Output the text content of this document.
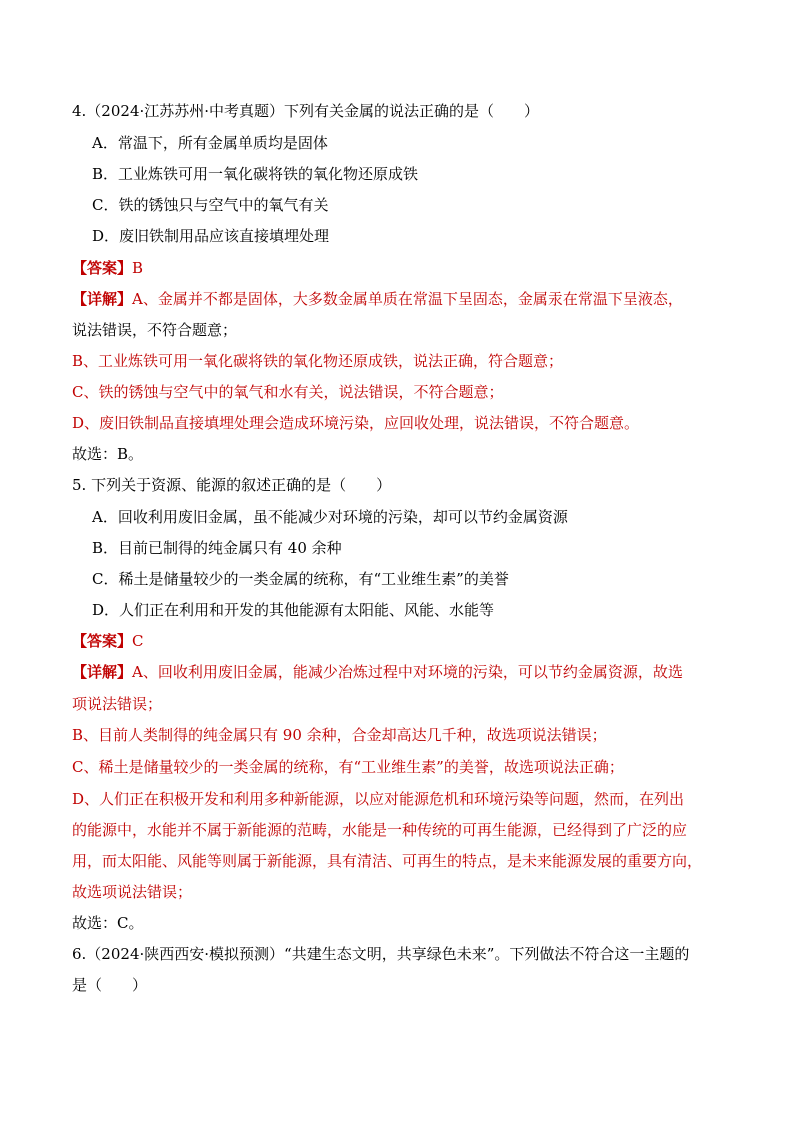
4.（2024·江苏苏州·中考真题）下列有关金属的说法正确的是（　　）
A．常温下，所有金属单质均是固体
B．工业炼铁可用一氧化碳将铁的氧化物还原成铁
C．铁的锈蚀只与空气中的氧气有关
D．废旧铁制用品应该直接填埋处理
【答案】B
【详解】A、金属并不都是固体，大多数金属单质在常温下呈固态，金属汞在常温下呈液态，
说法错误，不符合题意；
B、工业炼铁可用一氧化碳将铁的氧化物还原成铁，说法正确，符合题意；
C、铁的锈蚀与空气中的氧气和水有关，说法错误，不符合题意；
D、废旧铁制品直接填埋处理会造成环境污染，应回收处理，说法错误，不符合题意。
故选：B。
5. 下列关于资源、能源的叙述正确的是（　　）
A．回收利用废旧金属，虽不能减少对环境的污染，却可以节约金属资源
B．目前已制得的纯金属只有 40 余种
C．稀土是储量较少的一类金属的统称，有“工业维生素”的美誉
D．人们正在利用和开发的其他能源有太阳能、风能、水能等
【答案】C
【详解】A、回收利用废旧金属，能减少冶炼过程中对环境的污染，可以节约金属资源，故选
项说法错误；
B、目前人类制得的纯金属只有 90 余种，合金却高达几千种，故选项说法错误；
C、稀土是储量较少的一类金属的统称，有“工业维生素”的美誉，故选项说法正确；
D、人们正在积极开发和利用多种新能源，以应对能源危机和环境污染等问题，然而，在列出
的能源中，水能并不属于新能源的范畴，水能是一种传统的可再生能源，已经得到了广泛的应
用，而太阳能、风能等则属于新能源，具有清洁、可再生的特点，是未来能源发展的重要方向，
故选项说法错误；
故选：C。
6.（2024·陕西西安·模拟预测）“共建生态文明，共享绿色未来”。下列做法不符合这一主题的
是（　　）
